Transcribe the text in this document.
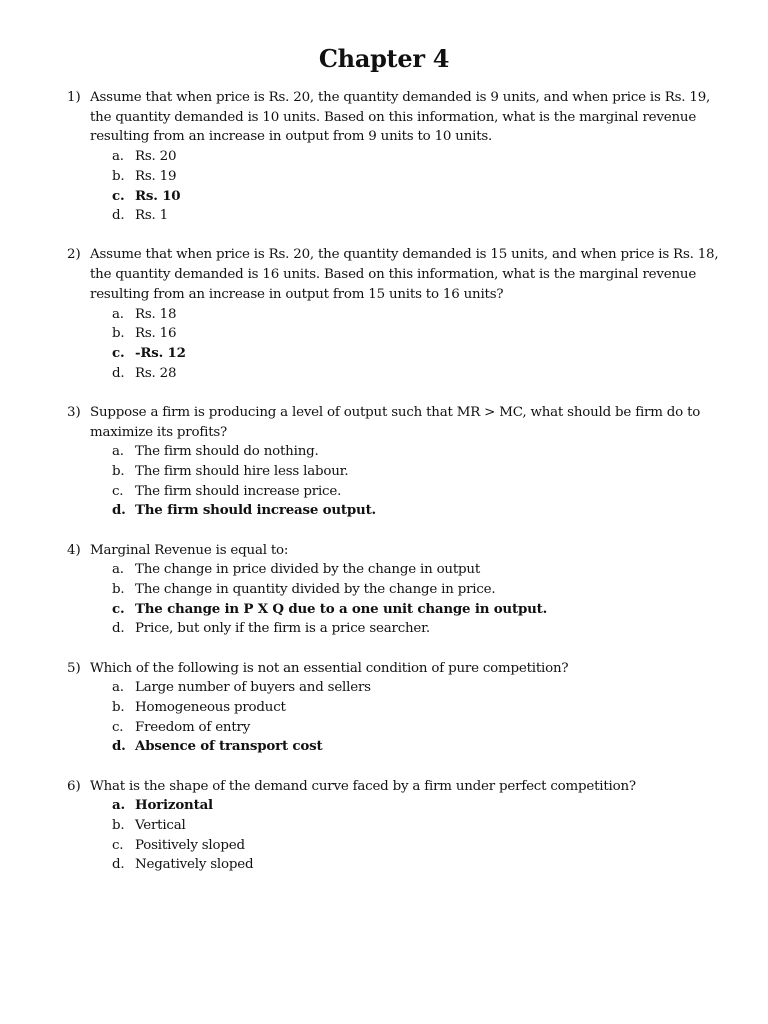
Chapter 4
1) Assume that when price is Rs. 20, the quantity demanded is 9 units, and when price is Rs. 19, the quantity demanded is 10 units. Based on this information, what is the marginal revenue resulting from an increase in output from 9 units to 10 units.
a. Rs. 20
b. Rs. 19
c. Rs. 10
d. Rs. 1
2) Assume that when price is Rs. 20, the quantity demanded is 15 units, and when price is Rs. 18, the quantity demanded is 16 units. Based on this information, what is the marginal revenue resulting from an increase in output from 15 units to 16 units?
a. Rs. 18
b. Rs. 16
c. -Rs. 12
d. Rs. 28
3) Suppose a firm is producing a level of output such that MR > MC, what should be firm do to maximize its profits?
a. The firm should do nothing.
b. The firm should hire less labour.
c. The firm should increase price.
d. The firm should increase output.
4) Marginal Revenue is equal to:
a. The change in price divided by the change in output
b. The change in quantity divided by the change in price.
c. The change in P X Q due to a one unit change in output.
d. Price, but only if the firm is a price searcher.
5) Which of the following is not an essential condition of pure competition?
a. Large number of buyers and sellers
b. Homogeneous product
c. Freedom of entry
d. Absence of transport cost
6) What is the shape of the demand curve faced by a firm under perfect competition?
a. Horizontal
b. Vertical
c. Positively sloped
d. Negatively sloped
